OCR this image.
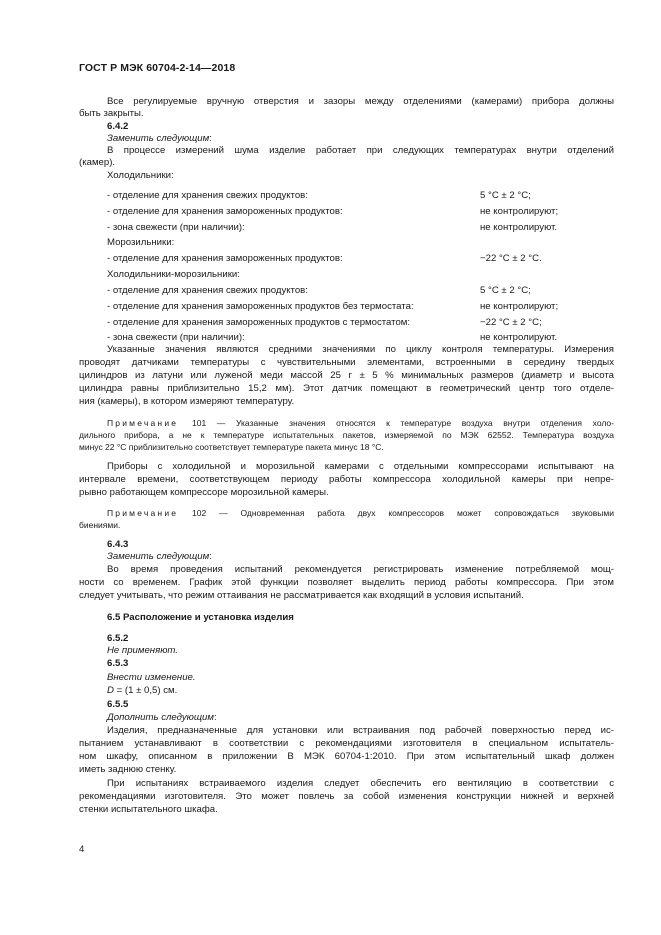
ГОСТ Р МЭК 60704-2-14—2018
Все регулируемые вручную отверстия и зазоры между отделениями (камерами) прибора должны
быть закрыты.
6.4.2
Заменить следующим:
В процессе измерений шума изделие работает при следующих температурах внутри отделений
(камер).
Холодильники:
- отделение для хранения свежих продуктов:	5 °C ± 2 °C;
- отделение для хранения замороженных продуктов:	не контролируют;
- зона свежести (при наличии):	не контролируют.
Морозильники:
- отделение для хранения замороженных продуктов:	−22 °C ± 2 °C.
Холодильники-морозильники:
- отделение для хранения свежих продуктов:	5 °C ± 2 °C;
- отделение для хранения замороженных продуктов без термостата:	не контролируют;
- отделение для хранения замороженных продуктов с термостатом:	−22 °C ± 2 °C;
- зона свежести (при наличии):	не контролируют.
Указанные значения являются средними значениями по циклу контроля температуры. Измерения
проводят датчиками температуры с чувствительными элементами, встроенными в середину твердых
цилиндров из латуни или луженой меди массой 25 г ± 5 % минимальных размеров (диаметр и высота
цилиндра равны приблизительно 15,2 мм). Этот датчик помещают в геометрический центр того отделе-
ния (камеры), в котором измеряют температуру.
Примечание 101 — Указанные значения относятся к температуре воздуха внутри отделения холо-
дильного прибора, а не к температуре испытательных пакетов, измеряемой по МЭК 62552. Температура воздуха
минус 22 °C приблизительно соответствует температуре пакета минус 18 °C.
Приборы с холодильной и морозильной камерами с отдельными компрессорами испытывают на
интервале времени, соответствующем периоду работы компрессора холодильной камеры при непре-
рывно работающем компрессоре морозильной камеры.
Примечание 102 — Одновременная работа двух компрессоров может сопровождаться звуковыми
биениями.
6.4.3
Заменить следующим:
Во время проведения испытаний рекомендуется регистрировать изменение потребляемой мощ-
ности со временем. График этой функции позволяет выделить период работы компрессора. При этом
следует учитывать, что режим оттаивания не рассматривается как входящий в условия испытаний.
6.5 Расположение и установка изделия
6.5.2
Не применяют.
6.5.3
Внести изменение.
D = (1 ± 0,5) см.
6.5.5
Дополнить следующим:
Изделия, предназначенные для установки или встраивания под рабочей поверхностью перед ис-
пытанием устанавливают в соответствии с рекомендациями изготовителя в специальном испытатель-
ном шкафу, описанном в приложении В МЭК 60704-1:2010. При этом испытательный шкаф должен
иметь заднюю стенку.
При испытаниях встраиваемого изделия следует обеспечить его вентиляцию в соответствии с
рекомендациями изготовителя. Это может повлечь за собой изменения конструкции нижней и верхней
стенки испытательного шкафа.
4
